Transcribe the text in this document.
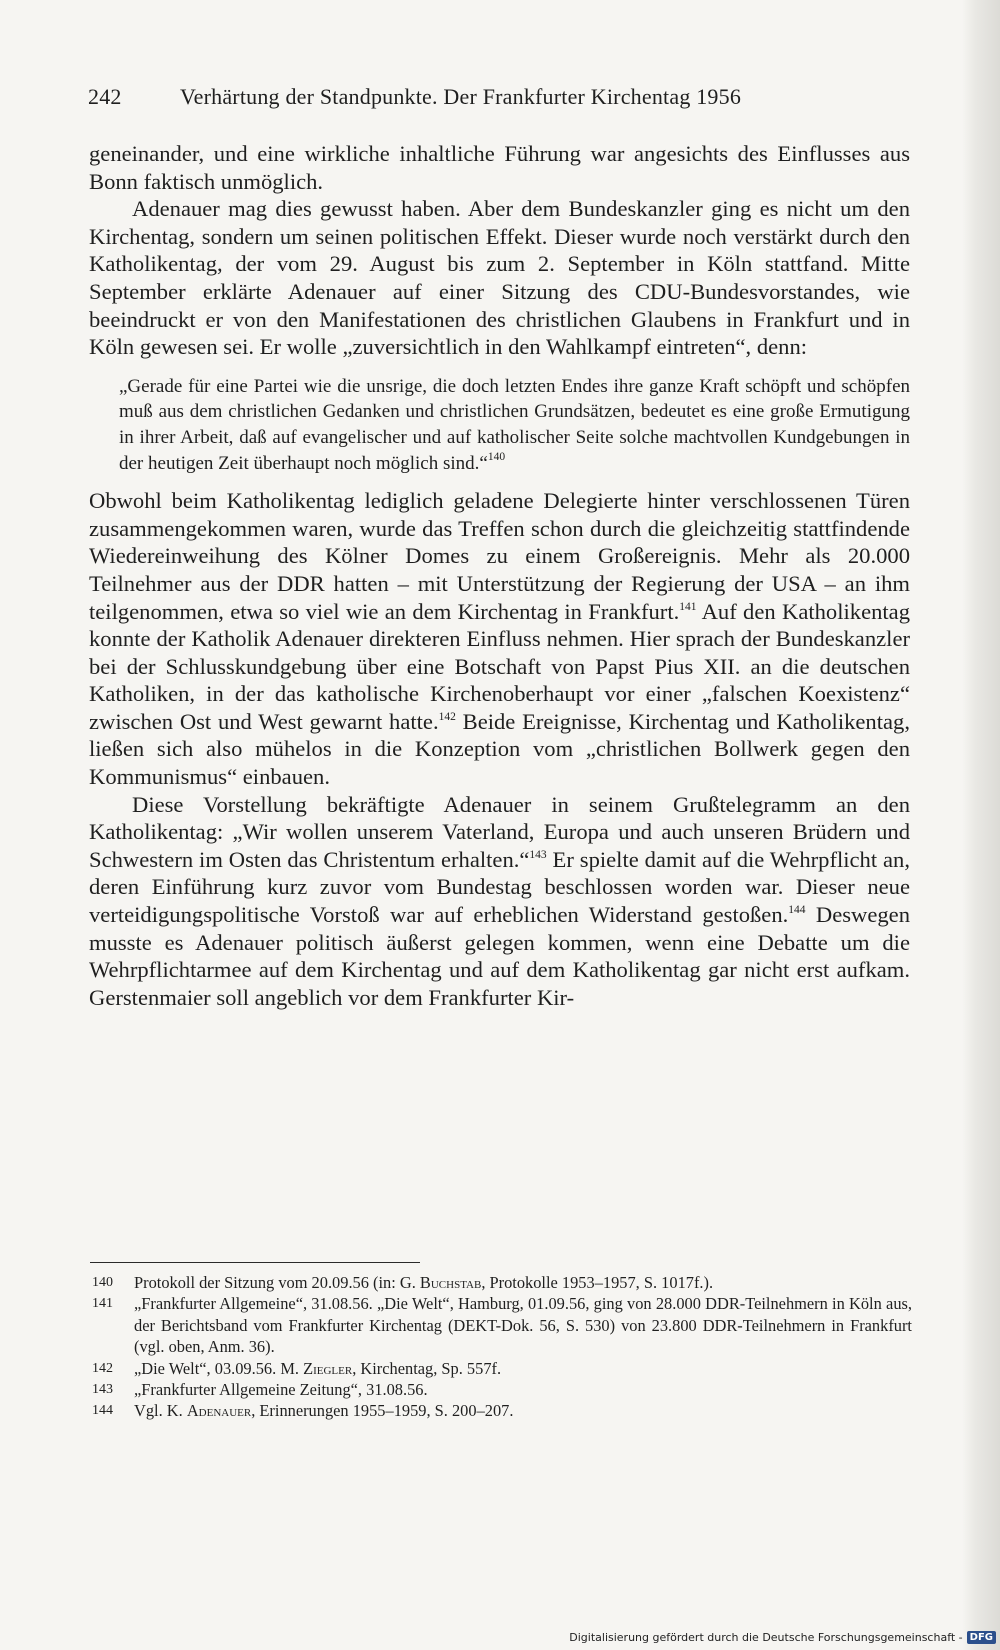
242	Verhärtung der Standpunkte. Der Frankfurter Kirchentag 1956

geneinander, und eine wirkliche inhaltliche Führung war angesichts des Einflusses aus Bonn faktisch unmöglich.

Adenauer mag dies gewusst haben. Aber dem Bundeskanzler ging es nicht um den Kirchentag, sondern um seinen politischen Effekt. Dieser wurde noch verstärkt durch den Katholikentag, der vom 29. August bis zum 2. September in Köln stattfand. Mitte September erklärte Adenauer auf einer Sitzung des CDU-Bundesvorstandes, wie beeindruckt er von den Manifestationen des christlichen Glaubens in Frankfurt und in Köln gewesen sei. Er wolle „zuversichtlich in den Wahlkampf eintreten“, denn:

„Gerade für eine Partei wie die unsrige, die doch letzten Endes ihre ganze Kraft schöpft und schöpfen muß aus dem christlichen Gedanken und christlichen Grundsätzen, bedeutet es eine große Ermutigung in ihrer Arbeit, daß auf evangelischer und auf katholischer Seite solche machtvollen Kundgebungen in der heutigen Zeit überhaupt noch möglich sind.“$^{140}$

Obwohl beim Katholikentag lediglich geladene Delegierte hinter verschlossenen Türen zusammengekommen waren, wurde das Treffen schon durch die gleichzeitig stattfindende Wiedereinweihung des Kölner Domes zu einem Großereignis. Mehr als 20.000 Teilnehmer aus der DDR hatten – mit Unterstützung der Regierung der USA – an ihm teilgenommen, etwa so viel wie an dem Kirchentag in Frankfurt.$^{141}$ Auf den Katholikentag konnte der Katholik Adenauer direkteren Einfluss nehmen. Hier sprach der Bundeskanzler bei der Schlusskundgebung über eine Botschaft von Papst Pius XII. an die deutschen Katholiken, in der das katholische Kirchenoberhaupt vor einer „falschen Koexistenz“ zwischen Ost und West gewarnt hatte.$^{142}$ Beide Ereignisse, Kirchentag und Katholikentag, ließen sich also mühelos in die Konzeption vom „christlichen Bollwerk gegen den Kommunismus“ einbauen.

Diese Vorstellung bekräftigte Adenauer in seinem Grußtelegramm an den Katholikentag: „Wir wollen unserem Vaterland, Europa und auch unseren Brüdern und Schwestern im Osten das Christentum erhalten.“$^{143}$ Er spielte damit auf die Wehrpflicht an, deren Einführung kurz zuvor vom Bundestag beschlossen worden war. Dieser neue verteidigungspolitische Vorstoß war auf erheblichen Widerstand gestoßen.$^{144}$ Deswegen musste es Adenauer politisch äußerst gelegen kommen, wenn eine Debatte um die Wehrpflichtarmee auf dem Kirchentag und auf dem Katholikentag gar nicht erst aufkam. Gerstenmaier soll angeblich vor dem Frankfurter Kir-

140	Protokoll der Sitzung vom 20.09.56 (in: G. Buchstab, Protokolle 1953–1957, S. 1017f.).
141	„Frankfurter Allgemeine“, 31.08.56. „Die Welt“, Hamburg, 01.09.56, ging von 28.000 DDR-Teilnehmern in Köln aus, der Berichtsband vom Frankfurter Kirchentag (DEKT-Dok. 56, S. 530) von 23.800 DDR-Teilnehmern in Frankfurt (vgl. oben, Anm. 36).
142	„Die Welt“, 03.09.56. M. Ziegler, Kirchentag, Sp. 557f.
143	„Frankfurter Allgemeine Zeitung“, 31.08.56.
144	Vgl. K. Adenauer, Erinnerungen 1955–1959, S. 200–207.
Digitalisierung gefördert durch die Deutsche Forschungsgemeinschaft - DFG
